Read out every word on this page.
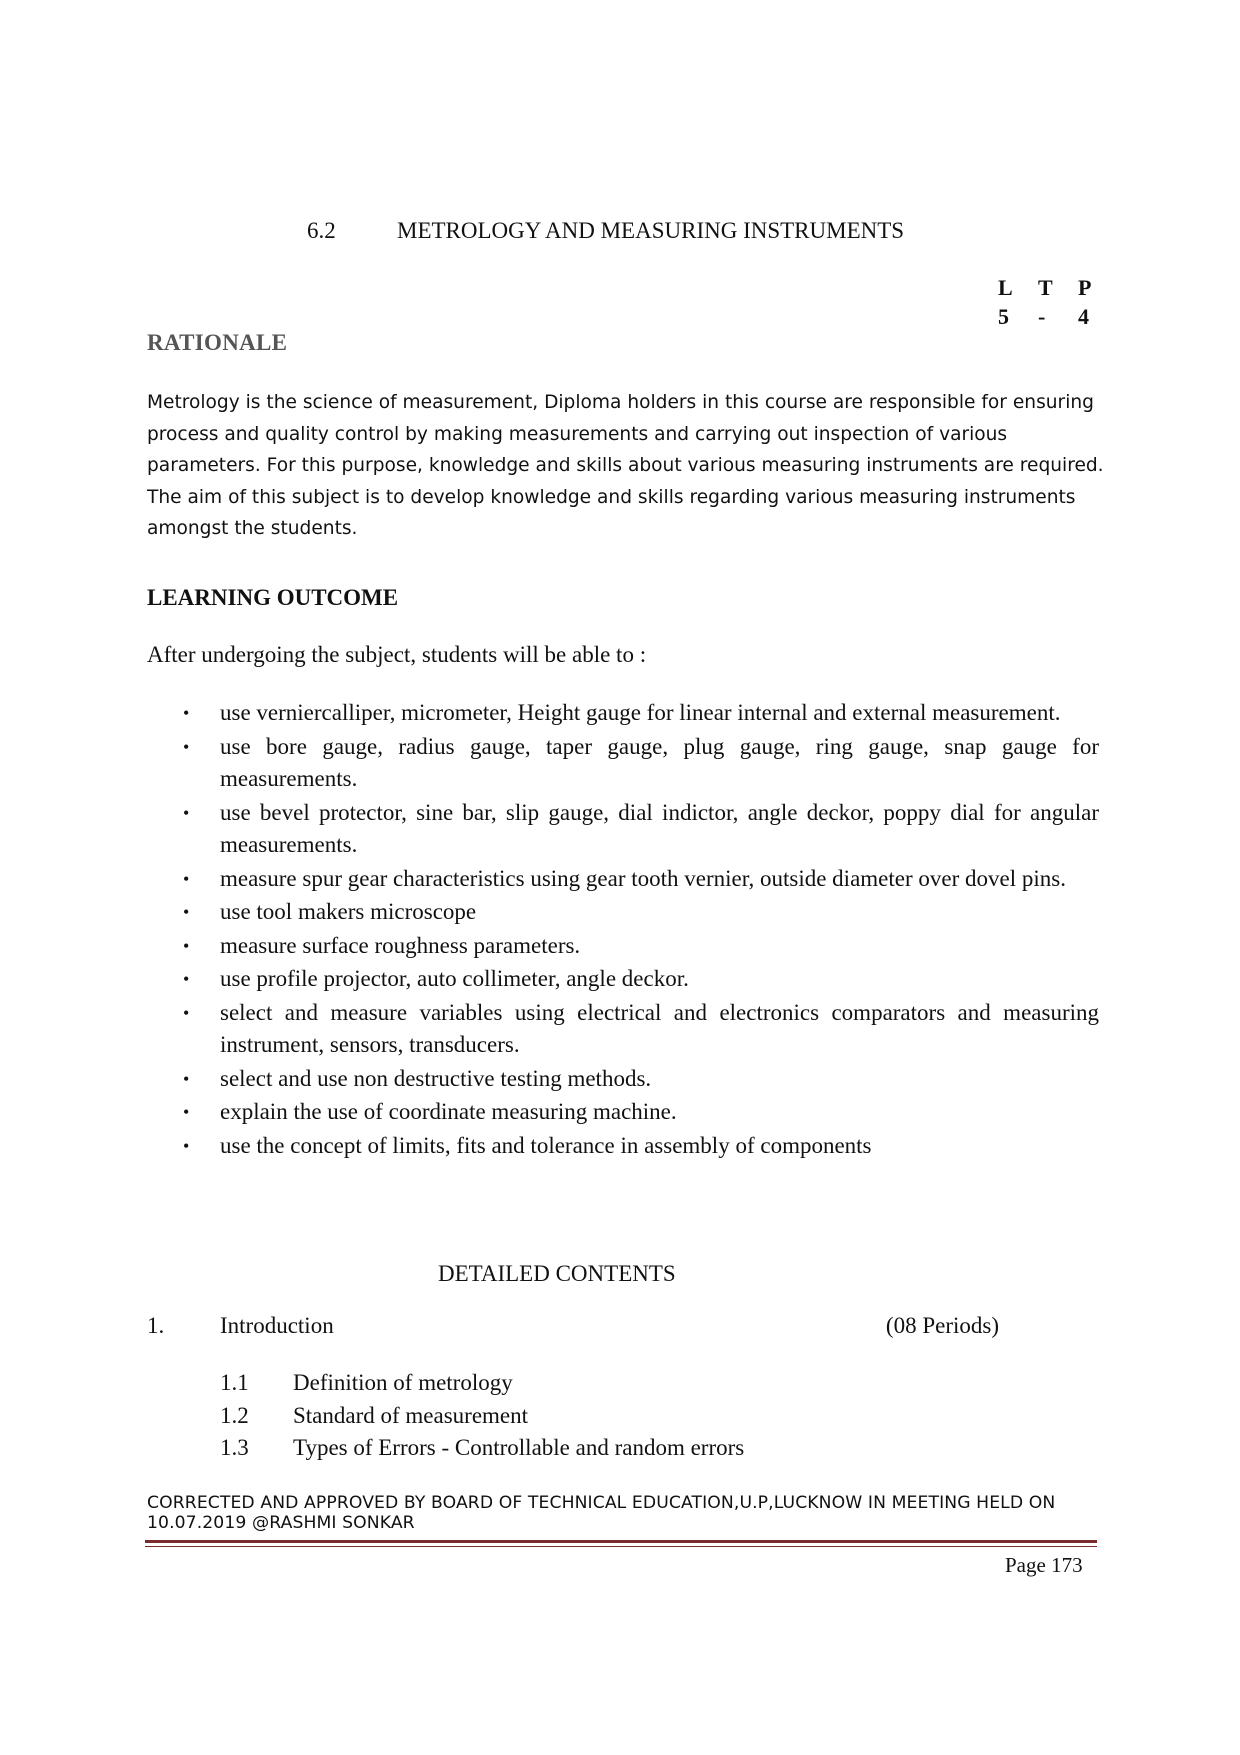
6.2	METROLOGY AND MEASURING INSTRUMENTS
L	T	P
5	-	4
RATIONALE
Metrology is the science of measurement, Diploma holders in this course are responsible for ensuring process and quality control by making measurements and carrying out inspection of various parameters. For this purpose, knowledge and skills about various measuring instruments are required. The aim of this subject is to develop knowledge and skills regarding various measuring instruments amongst the students.
LEARNING OUTCOME
After undergoing the subject, students will be able to :
• use verniercalliper, micrometer, Height gauge for linear internal and external measurement.
• use bore gauge, radius gauge, taper gauge, plug gauge, ring gauge, snap gauge for measurements.
• use bevel protector, sine bar, slip gauge, dial indictor, angle deckor, poppy dial for angular measurements.
• measure spur gear characteristics using gear tooth vernier, outside diameter over dovel pins.
• use tool makers microscope
• measure surface roughness parameters.
• use profile projector, auto collimeter, angle deckor.
• select and measure variables using electrical and electronics comparators and measuring instrument, sensors, transducers.
• select and use non destructive testing methods.
• explain the use of coordinate measuring machine.
• use the concept of limits, fits and tolerance in assembly of components
DETAILED CONTENTS
1. Introduction	(08 Periods)
1.1 Definition of metrology
1.2 Standard of measurement
1.3 Types of Errors - Controllable and random errors
CORRECTED AND APPROVED BY BOARD OF TECHNICAL EDUCATION,U.P,LUCKNOW IN MEETING HELD ON
10.07.2019 @RASHMI SONKAR
Page 173
